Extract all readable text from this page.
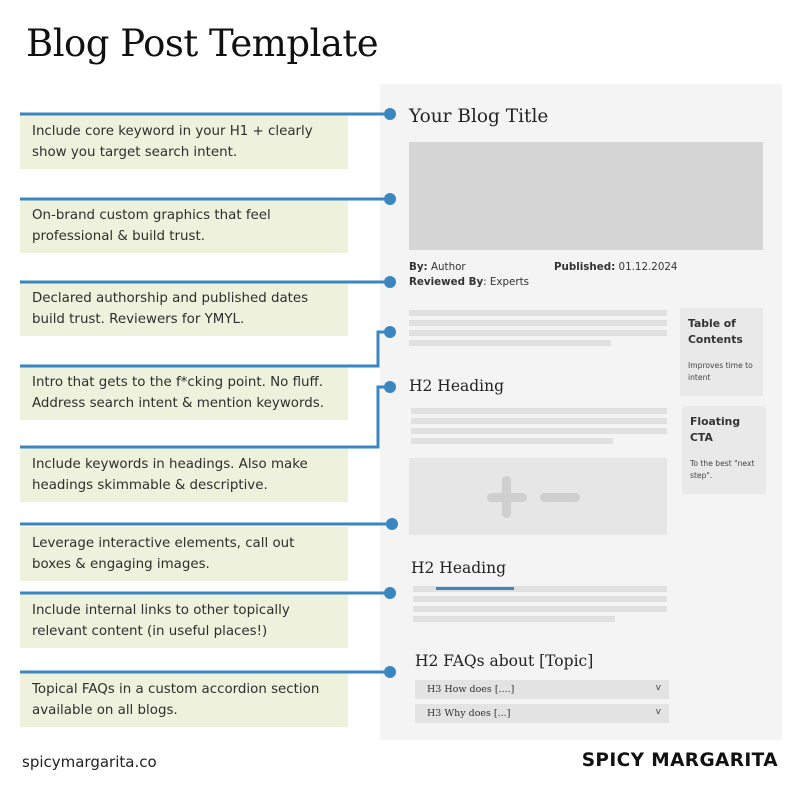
Blog Post Template
Include core keyword in your H1 + clearly
show you target search intent.
On-brand custom graphics that feel
professional & build trust.
Declared authorship and published dates
build trust. Reviewers for YMYL.
Intro that gets to the f*cking point. No fluff.
Address search intent & mention keywords.
Include keywords in headings. Also make
headings skimmable & descriptive.
Leverage interactive elements, call out
boxes & engaging images.
Include internal links to other topically
relevant content (in useful places!)
Topical FAQs in a custom accordion section
available on all blogs.
Your Blog Title
By: Author	Published: 01.12.2024
Reviewed By: Experts
Table of Contents
Improves time to intent
H2 Heading
Floating CTA
To the best "next step".
H2 Heading
H2 FAQs about [Topic]
H3 How does [....]	v
H3 Why does [...]	v
spicymargarita.co	SPICY MARGARITA
